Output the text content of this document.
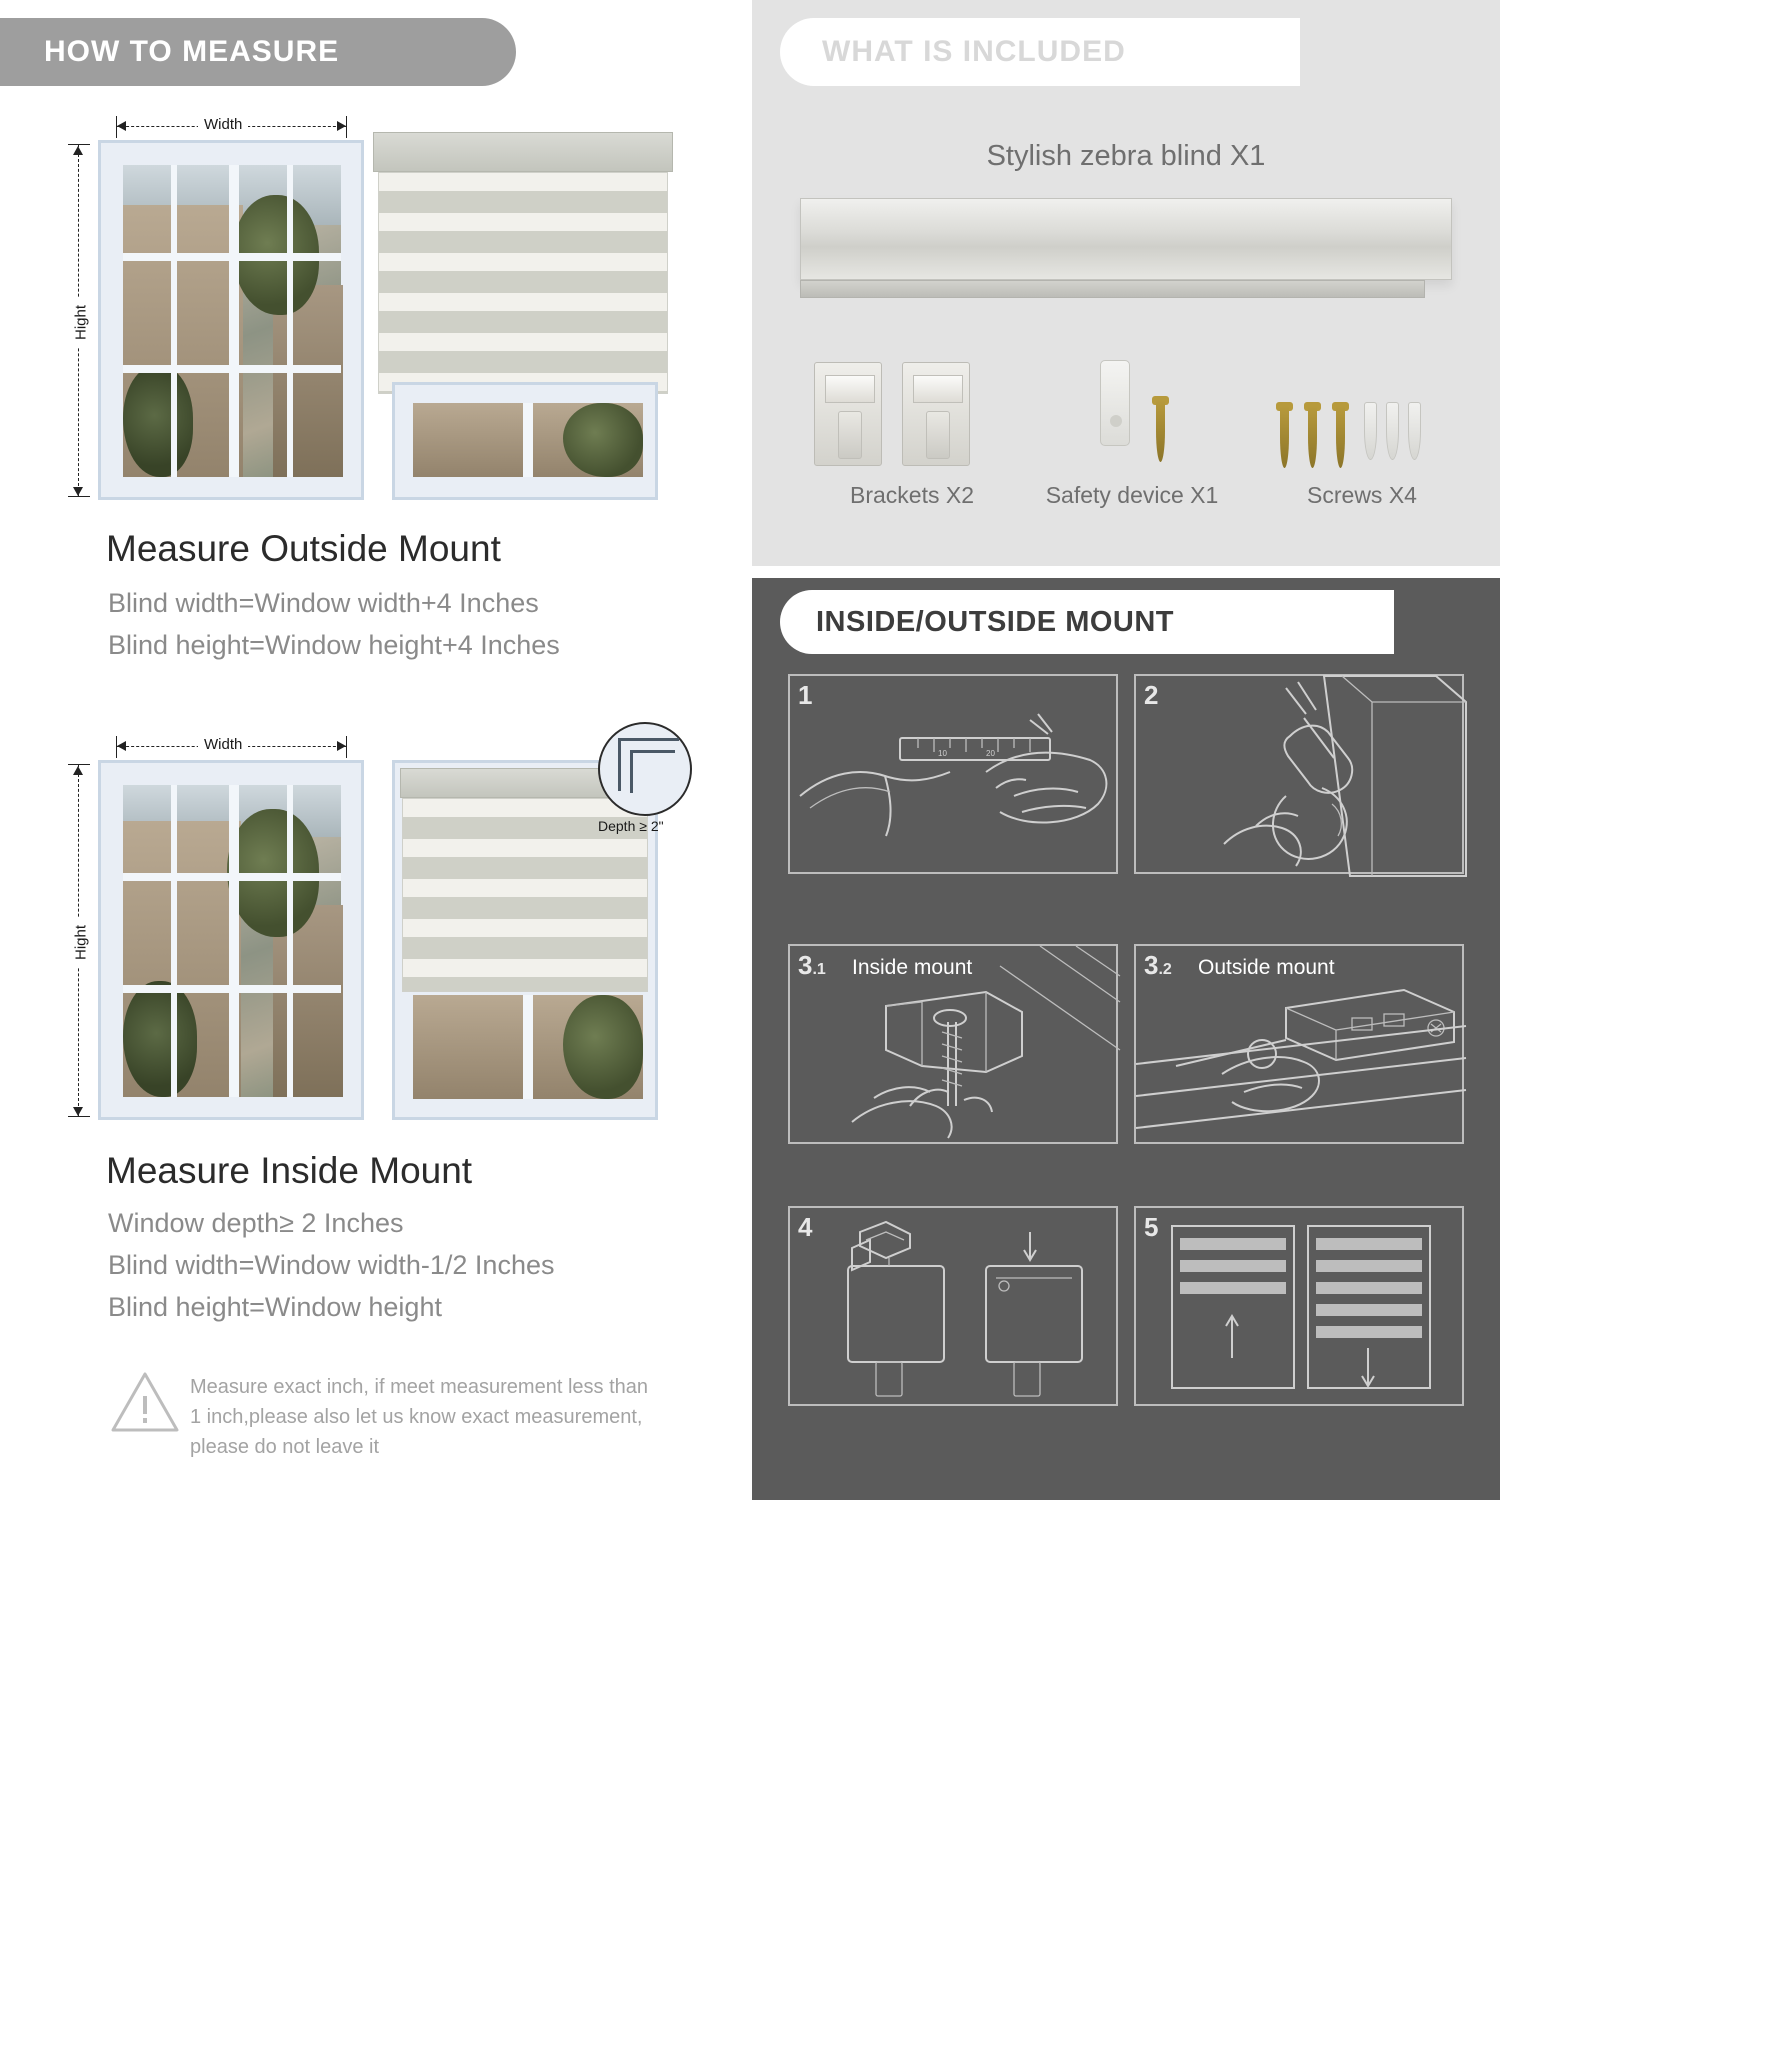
HOW TO MEASURE
Width
Hight
Measure Outside Mount
Blind width=Window width+4 Inches
Blind height=Window height+4 Inches
Width
Hight
Depth ≥ 2"
Measure Inside Mount
Window depth≥ 2 Inches
Blind width=Window width-1/2 Inches
Blind height=Window height
Measure exact inch, if meet measurement less than 1 inch,please also let us know exact measurement, please do not leave it
WHAT IS INCLUDED
Stylish zebra blind X1
Brackets X2	Safety device X1	Screws X4
INSIDE/OUTSIDE MOUNT
1
10	20
2
Punch at marked position
3.1 Inside mount
Drill holes & Inside bracket
3.2 Outside mount
Drill holes & Inside bracket
4
Install the blind
5
Finish
